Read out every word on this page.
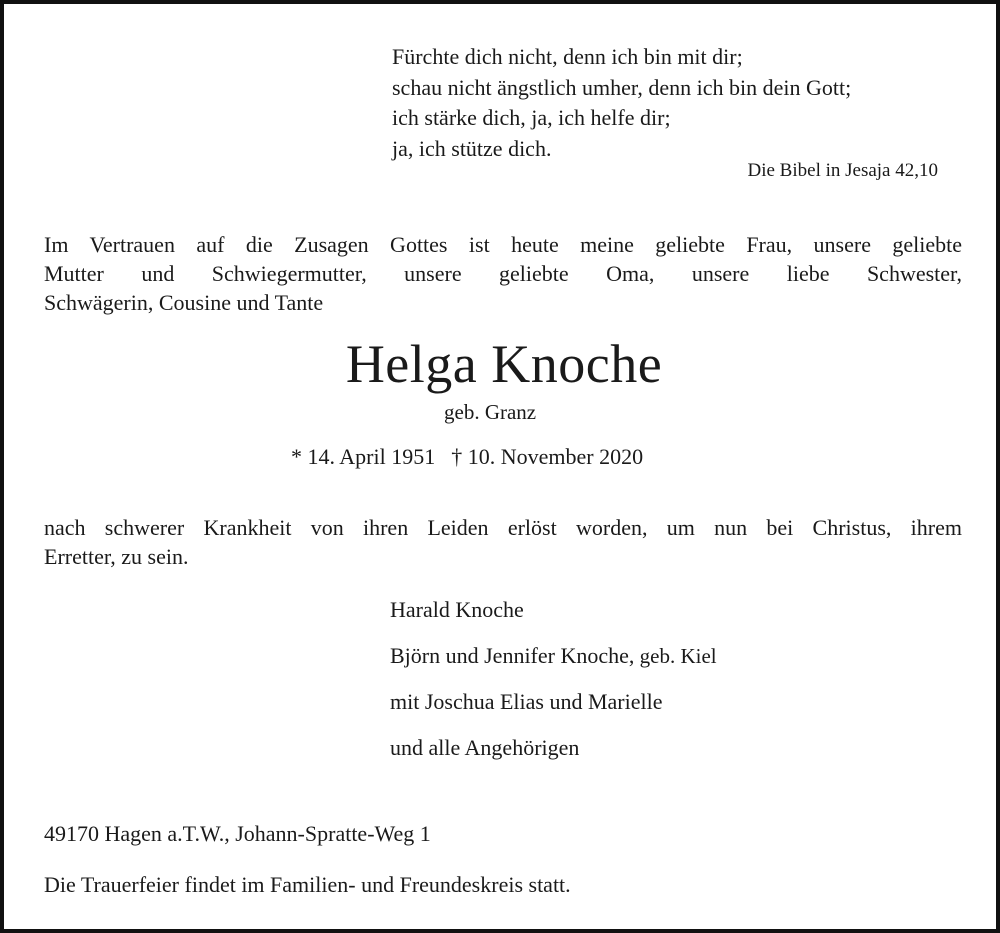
Fürchte dich nicht, denn ich bin mit dir;
schau nicht ängstlich umher, denn ich bin dein Gott;
ich stärke dich, ja, ich helfe dir;
ja, ich stütze dich.
Die Bibel in Jesaja 42,10
Im Vertrauen auf die Zusagen Gottes ist heute meine geliebte Frau, unsere geliebte
Mutter und Schwiegermutter, unsere geliebte Oma, unsere liebe Schwester,
Schwägerin, Cousine und Tante
Helga Knoche
geb. Granz
* 14. April 1951 † 10. November 2020
nach schwerer Krankheit von ihren Leiden erlöst worden, um nun bei Christus, ihrem
Erretter, zu sein.
Harald Knoche
Björn und Jennifer Knoche, geb. Kiel
mit Joschua Elias und Marielle
und alle Angehörigen
49170 Hagen a.T.W., Johann-Spratte-Weg 1
Die Trauerfeier findet im Familien- und Freundeskreis statt.
